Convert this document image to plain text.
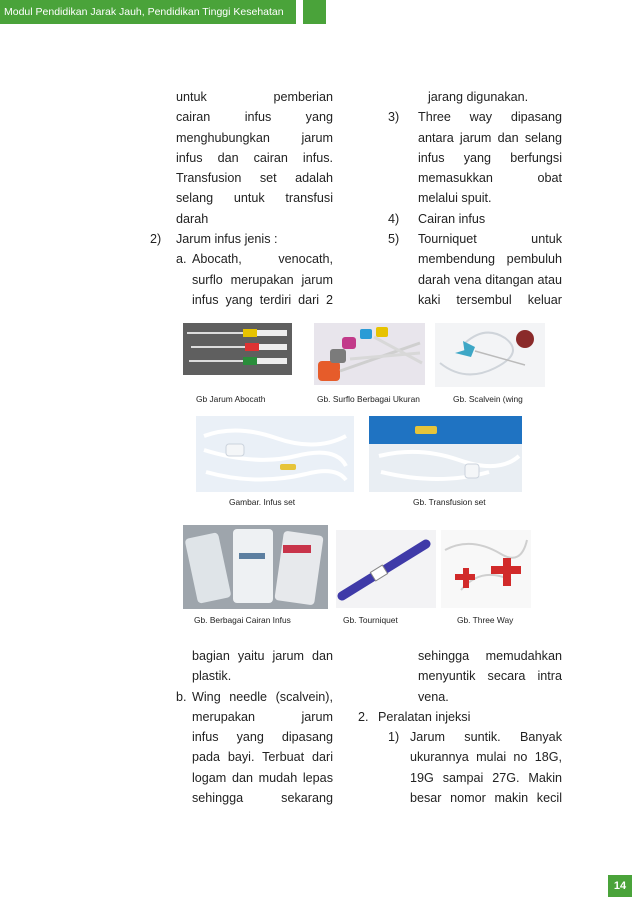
Modul Pendidikan Jarak Jauh, Pendidikan Tinggi Kesehatan
untuk pemberian
cairan infus yang
menghubungkan jarum
infus dan cairan infus.
Transfusion set adalah
selang untuk transfusi
darah
2) Jarum infus jenis :
a. Abocath, venocath,
surflo merupakan jarum
infus yang terdiri dari 2
jarang digunakan.
3) Three way dipasang
antara jarum dan selang
infus yang berfungsi
memasukkan obat
melalui spuit.
4) Cairan infus
5) Tourniquet untuk
membendung pembuluh
darah vena ditangan atau
kaki tersembul keluar
Gb Jarum Abocath	Gb. Surflo Berbagai Ukuran	Gb. Scalvein (wing
Gambar. Infus set	Gb. Transfusion set
Gb. Berbagai Cairan Infus	Gb. Tourniquet	Gb. Three Way
bagian yaitu jarum dan
plastik.
b. Wing needle (scalvein),
merupakan jarum
infus yang dipasang
pada bayi. Terbuat dari
logam dan mudah lepas
sehingga sekarang
sehingga memudahkan
menyuntik secara intra
vena.
2. Peralatan injeksi
1) Jarum suntik. Banyak
ukurannya mulai no 18G,
19G sampai 27G. Makin
besar nomor makin kecil
14
